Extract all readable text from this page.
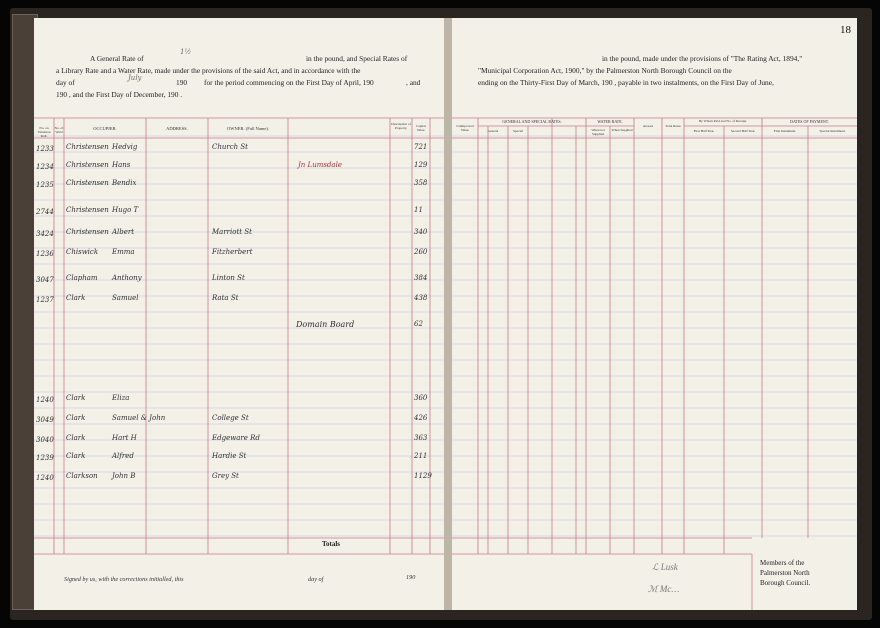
A General Rate of	in the pound, and Special Rates of
a Library Rate and a Water Rate, made under the provisions of the said Act, and in accordance with the
day of	190 for the period commencing on the First Day of April, 190	, and
190 , and the First Day of December, 190 .
1½
July
No. on Valuation Roll.
No. of Ward
OCCUPIER.	ADDRESS.	OWNER. (Full Name).
Description of Property.	Capital Value.
1233 Christensen Hedvig	Church St	721
1234 Christensen Hans	Jn Lumsdale	129
1235 Christensen Bendix	358
2744 Christensen Hugo T	11
3424 Christensen Albert	Marriott St	340
1236 Chiswick Emma	Fitzherbert	260
3047 Clapham Anthony	Linton St	384
1237 Clark	Samuel	Rata St	438
Domain Board	62
1240 Clark	Eliza	360
3049 Clark	Samuel & John	College St	426
3040 Clark	Hart H	Edgeware Rd	363
1239 Clark	Alfred	Hardie St	211
1240 Clarkson John B	Grey St	1129
Totals
Signed by us, with the corrections initialled, this	day of	190
18
in the pound, made under the provisions of "The Rating Act, 1894,"
"Municipal Corporation Act, 1900," by the Palmerston North Borough Council on the
ending on the Thirty-First Day of March, 190 , payable in two instalments, on the First Day of June,
Unimproved Value.
GENERAL AND SPECIAL RATES.	WATER RATE.
Arrears	Total Rates
By Whom Paid and No. of Receipt.	DATES OF PAYMENT.
General	Special	When not Supplied
When Supplied	First Half Year.	Second Half Year.	First Instalment.	Special Instalment.
Members of the
Palmerston North
Borough Council.
ℒ Lusk
ℳ Mc…
